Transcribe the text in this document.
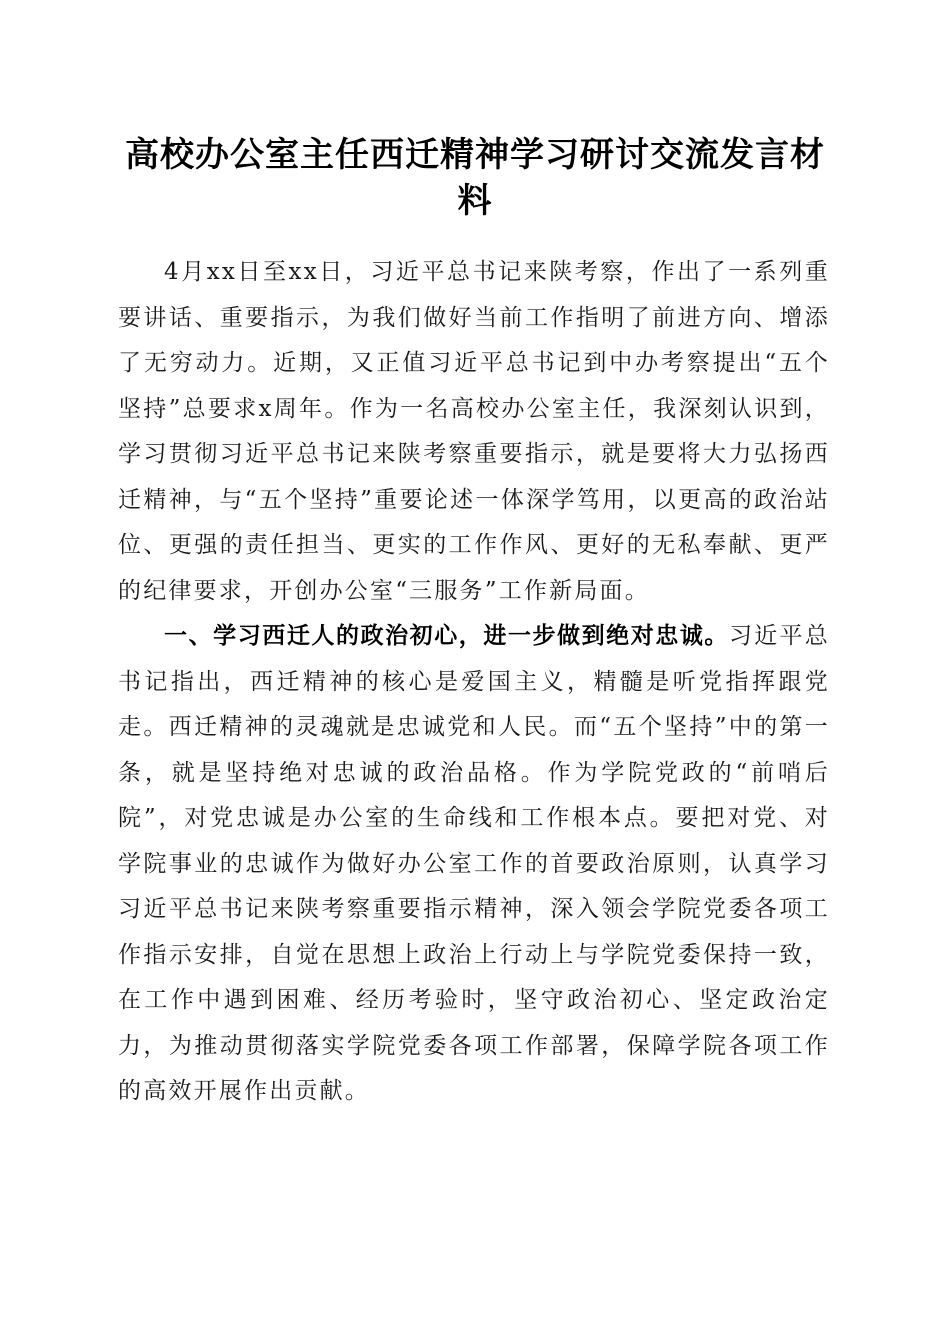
高校办公室主任西迁精神学习研讨交流发言材料

4月xx日至xx日，习近平总书记来陕考察，作出了一系列重要讲话、重要指示，为我们做好当前工作指明了前进方向、增添了无穷动力。近期，又正值习近平总书记到中办考察提出“五个坚持”总要求x周年。作为一名高校办公室主任，我深刻认识到，学习贯彻习近平总书记来陕考察重要指示，就是要将大力弘扬西迁精神，与“五个坚持”重要论述一体深学笃用，以更高的政治站位、更强的责任担当、更实的工作作风、更好的无私奉献、更严的纪律要求，开创办公室“三服务”工作新局面。

一、学习西迁人的政治初心，进一步做到绝对忠诚。习近平总书记指出，西迁精神的核心是爱国主义，精髓是听党指挥跟党走。西迁精神的灵魂就是忠诚党和人民。而“五个坚持”中的第一条，就是坚持绝对忠诚的政治品格。作为学院党政的“前哨后院”，对党忠诚是办公室的生命线和工作根本点。要把对党、对学院事业的忠诚作为做好办公室工作的首要政治原则，认真学习习近平总书记来陕考察重要指示精神，深入领会学院党委各项工作指示安排，自觉在思想上政治上行动上与学院党委保持一致，在工作中遇到困难、经历考验时，坚守政治初心、坚定政治定力，为推动贯彻落实学院党委各项工作部署，保障学院各项工作的高效开展作出贡献。
